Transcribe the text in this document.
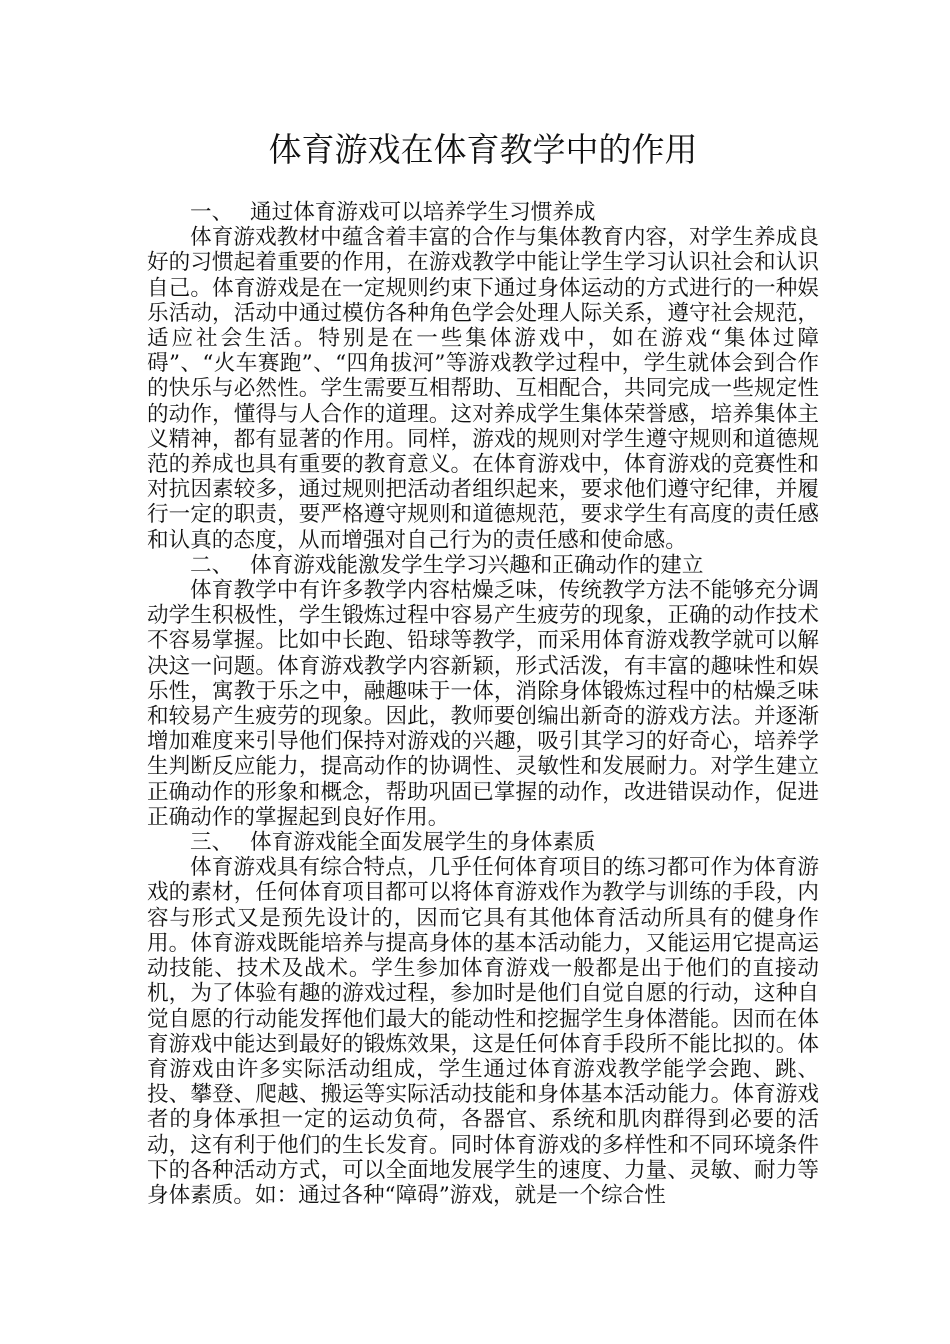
体育游戏在体育教学中的作用

一、 通过体育游戏可以培养学生习惯养成

体育游戏教材中蕴含着丰富的合作与集体教育内容，对学生养成良好的习惯起着重要的作用，在游戏教学中能让学生学习认识社会和认识自己。体育游戏是在一定规则约束下通过身体运动的方式进行的一种娱乐活动，活动中通过模仿各种角色学会处理人际关系，遵守社会规范，适应社会生活。特别是在一些集体游戏中，如在游戏“集体过障碍”、“火车赛跑”、“四角拔河”等游戏教学过程中，学生就体会到合作的快乐与必然性。学生需要互相帮助、互相配合，共同完成一些规定性的动作，懂得与人合作的道理。这对养成学生集体荣誉感，培养集体主义精神，都有显著的作用。同样，游戏的规则对学生遵守规则和道德规范的养成也具有重要的教育意义。在体育游戏中，体育游戏的竞赛性和对抗因素较多，通过规则把活动者组织起来，要求他们遵守纪律，并履行一定的职责，要严格遵守规则和道德规范，要求学生有高度的责任感和认真的态度，从而增强对自己行为的责任感和使命感。

二、 体育游戏能激发学生学习兴趣和正确动作的建立

体育教学中有许多教学内容枯燥乏味，传统教学方法不能够充分调动学生积极性，学生锻炼过程中容易产生疲劳的现象，正确的动作技术不容易掌握。比如中长跑、铅球等教学，而采用体育游戏教学就可以解决这一问题。体育游戏教学内容新颖，形式活泼，有丰富的趣味性和娱乐性，寓教于乐之中，融趣味于一体，消除身体锻炼过程中的枯燥乏味和较易产生疲劳的现象。因此，教师要创编出新奇的游戏方法。并逐渐增加难度来引导他们保持对游戏的兴趣，吸引其学习的好奇心，培养学生判断反应能力，提高动作的协调性、灵敏性和发展耐力。对学生建立正确动作的形象和概念，帮助巩固已掌握的动作，改进错误动作，促进正确动作的掌握起到良好作用。

三、 体育游戏能全面发展学生的身体素质

体育游戏具有综合特点，几乎任何体育项目的练习都可作为体育游戏的素材，任何体育项目都可以将体育游戏作为教学与训练的手段，内容与形式又是预先设计的，因而它具有其他体育活动所具有的健身作用。体育游戏既能培养与提高身体的基本活动能力，又能运用它提高运动技能、技术及战术。学生参加体育游戏一般都是出于他们的直接动机，为了体验有趣的游戏过程，参加时是他们自觉自愿的行动，这种自觉自愿的行动能发挥他们最大的能动性和挖掘学生身体潜能。因而在体育游戏中能达到最好的锻炼效果，这是任何体育手段所不能比拟的。体育游戏由许多实际活动组成，学生通过体育游戏教学能学会跑、跳、投、攀登、爬越、搬运等实际活动技能和身体基本活动能力。体育游戏者的身体承担一定的运动负荷，各器官、系统和肌肉群得到必要的活动，这有利于他们的生长发育。同时体育游戏的多样性和不同环境条件下的各种活动方式，可以全面地发展学生的速度、力量、灵敏、耐力等身体素质。如：通过各种“障碍”游戏，就是一个综合性
